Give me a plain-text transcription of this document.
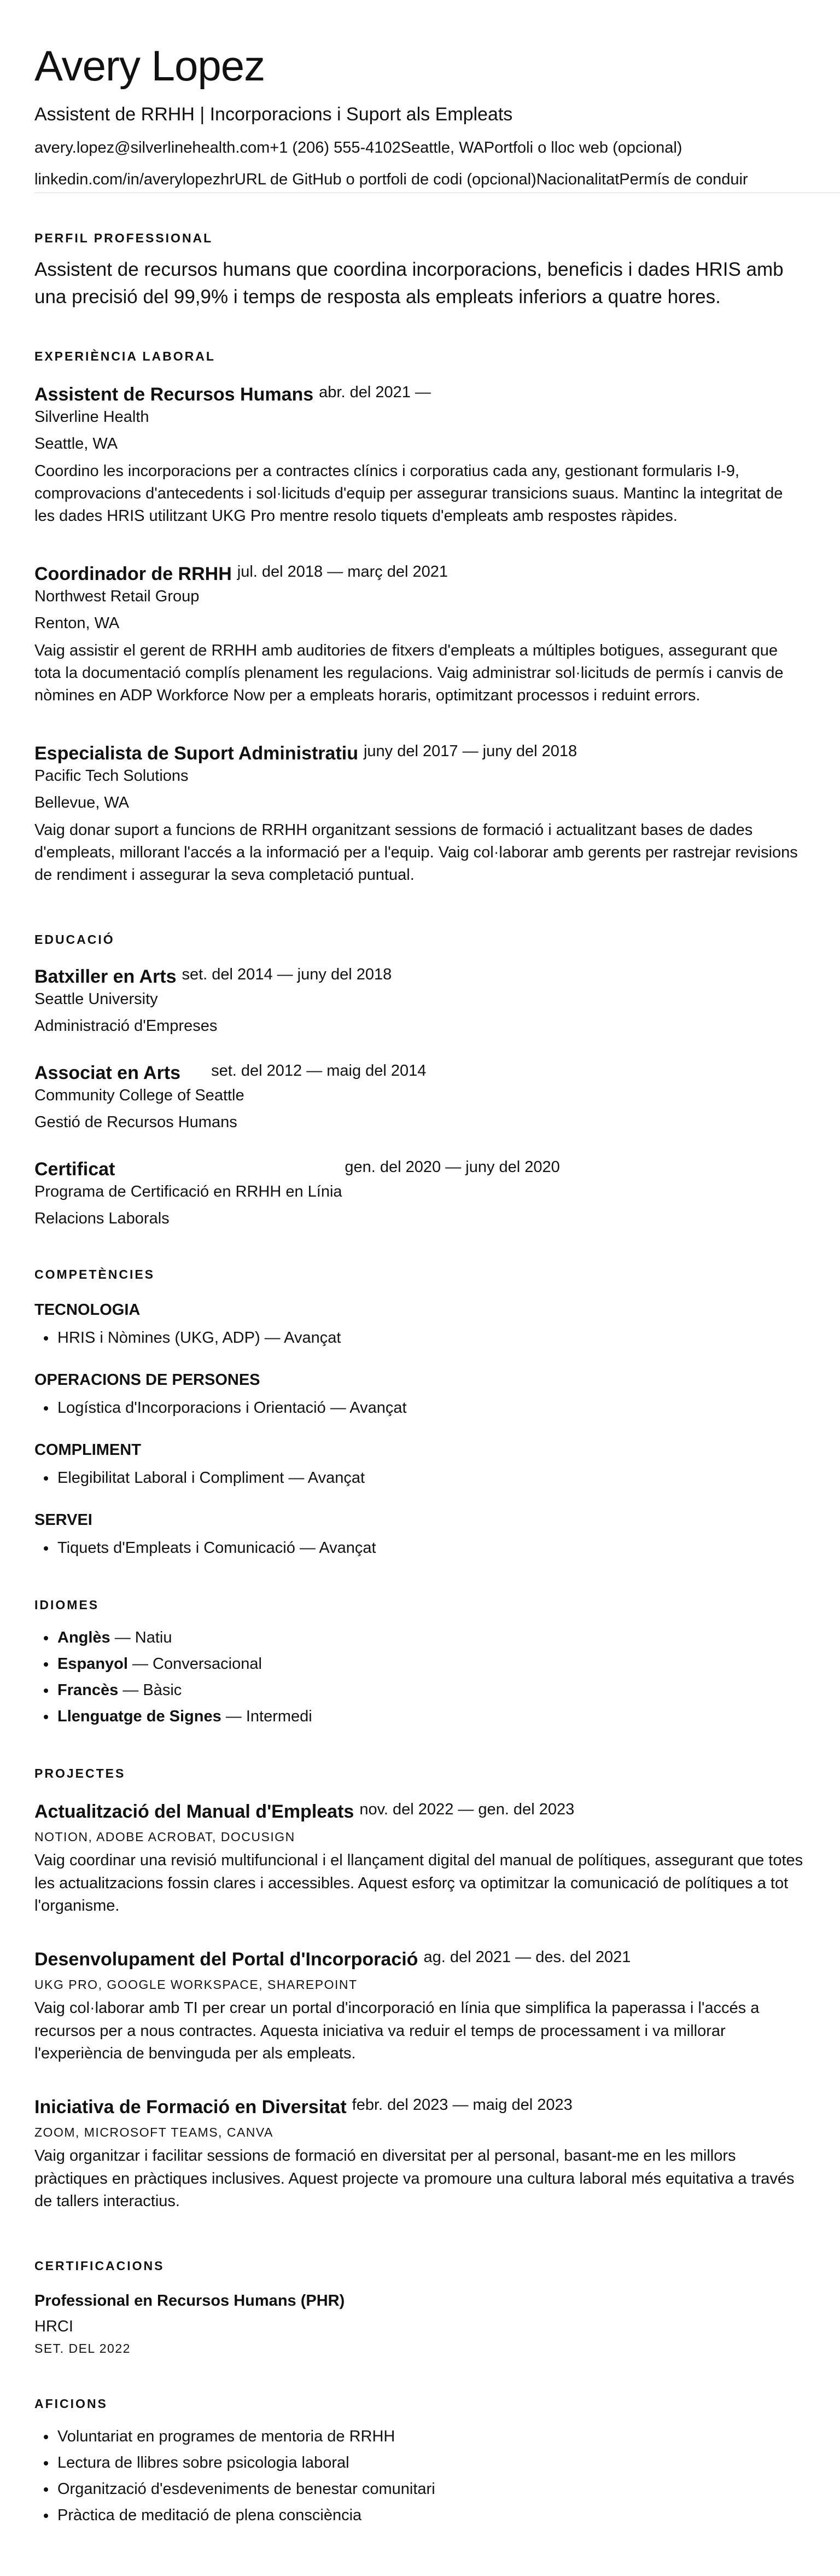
Avery Lopez
Assistent de RRHH | Incorporacions i Suport als Empleats
avery.lopez@silverlinehealth.com +1 (206) 555-4102 Seattle, WA Portfoli o lloc web (opcional)
linkedin.com/in/averylopezhr URL de GitHub o portfoli de codi (opcional) Nacionalitat Permís de conduir
PERFIL PROFESSIONAL
Assistent de recursos humans que coordina incorporacions, beneficis i dades HRIS amb una precisió del 99,9% i temps de resposta als empleats inferiors a quatre hores.
EXPERIÈNCIA LABORAL
Assistent de Recursos Humans abr. del 2021 —
Silverline Health
Seattle, WA
Coordino les incorporacions per a contractes clínics i corporatius cada any, gestionant formularis I-9, comprovacions d'antecedents i sol·licituds d'equip per assegurar transicions suaus. Mantinc la integritat de les dades HRIS utilitzant UKG Pro mentre resolo tiquets d'empleats amb respostes ràpides.
Coordinador de RRHH jul. del 2018 — març del 2021
Northwest Retail Group
Renton, WA
Vaig assistir el gerent de RRHH amb auditories de fitxers d'empleats a múltiples botigues, assegurant que tota la documentació complís plenament les regulacions. Vaig administrar sol·licituds de permís i canvis de nòmines en ADP Workforce Now per a empleats horaris, optimitzant processos i reduint errors.
Especialista de Suport Administratiu juny del 2017 — juny del 2018
Pacific Tech Solutions
Bellevue, WA
Vaig donar suport a funcions de RRHH organitzant sessions de formació i actualitzant bases de dades d'empleats, millorant l'accés a la informació per a l'equip. Vaig col·laborar amb gerents per rastrejar revisions de rendiment i assegurar la seva completació puntual.
EDUCACIÓ
Batxiller en Arts set. del 2014 — juny del 2018
Seattle University
Administració d'Empreses
Associat en Arts set. del 2012 — maig del 2014
Community College of Seattle
Gestió de Recursos Humans
Certificat	gen. del 2020 — juny del 2020
Programa de Certificació en RRHH en Línia
Relacions Laborals
COMPETÈNCIES
TECNOLOGIA
• HRIS i Nòmines (UKG, ADP) — Avançat
OPERACIONS DE PERSONES
• Logística d'Incorporacions i Orientació — Avançat
COMPLIMENT
• Elegibilitat Laboral i Compliment — Avançat
SERVEI
• Tiquets d'Empleats i Comunicació — Avançat
IDIOMES
• Anglès — Natiu
• Espanyol — Conversacional
• Francès — Bàsic
• Llenguatge de Signes — Intermedi
PROJECTES
Actualització del Manual d'Empleats nov. del 2022 — gen. del 2023
NOTION, ADOBE ACROBAT, DOCUSIGN
Vaig coordinar una revisió multifuncional i el llançament digital del manual de polítiques, assegurant que totes les actualitzacions fossin clares i accessibles. Aquest esforç va optimitzar la comunicació de polítiques a tot l'organisme.
Desenvolupament del Portal d'Incorporació ag. del 2021 — des. del 2021
UKG PRO, GOOGLE WORKSPACE, SHAREPOINT
Vaig col·laborar amb TI per crear un portal d'incorporació en línia que simplifica la paperassa i l'accés a recursos per a nous contractes. Aquesta iniciativa va reduir el temps de processament i va millorar l'experiència de benvinguda per als empleats.
Iniciativa de Formació en Diversitat febr. del 2023 — maig del 2023
ZOOM, MICROSOFT TEAMS, CANVA
Vaig organitzar i facilitar sessions de formació en diversitat per al personal, basant-me en les millors pràctiques en pràctiques inclusives. Aquest projecte va promoure una cultura laboral més equitativa a través de tallers interactius.
CERTIFICACIONS
Professional en Recursos Humans (PHR)
HRCI
SET. DEL 2022
AFICIONS
• Voluntariat en programes de mentoria de RRHH
• Lectura de llibres sobre psicologia laboral
• Organització d'esdeveniments de benestar comunitari
• Pràctica de meditació de plena consciència
